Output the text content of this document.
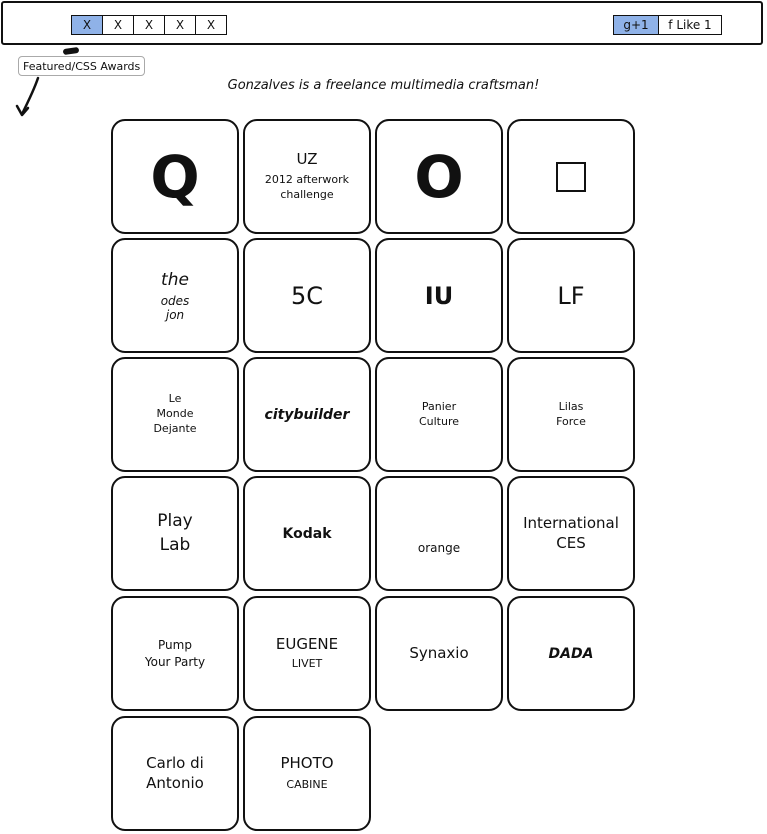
X	X	X	X	X	g+1	f Like 1
Featured/CSS Awards
Gonzalves is a freelance multimedia craftsman!
Q	UZ
2012 afterwork
challenge O
the
odes
jon
5C	IU	LF
Le
Monde
Dejante
citybuilder
Panier
Culture
Lilas
Force
Play
Lab
Kodak
orange
International
CES
Pump
Your Party
EUGENE
LIVET
Synaxio	DADA
Carlo di
Antonio
PHOTO
CABINE
